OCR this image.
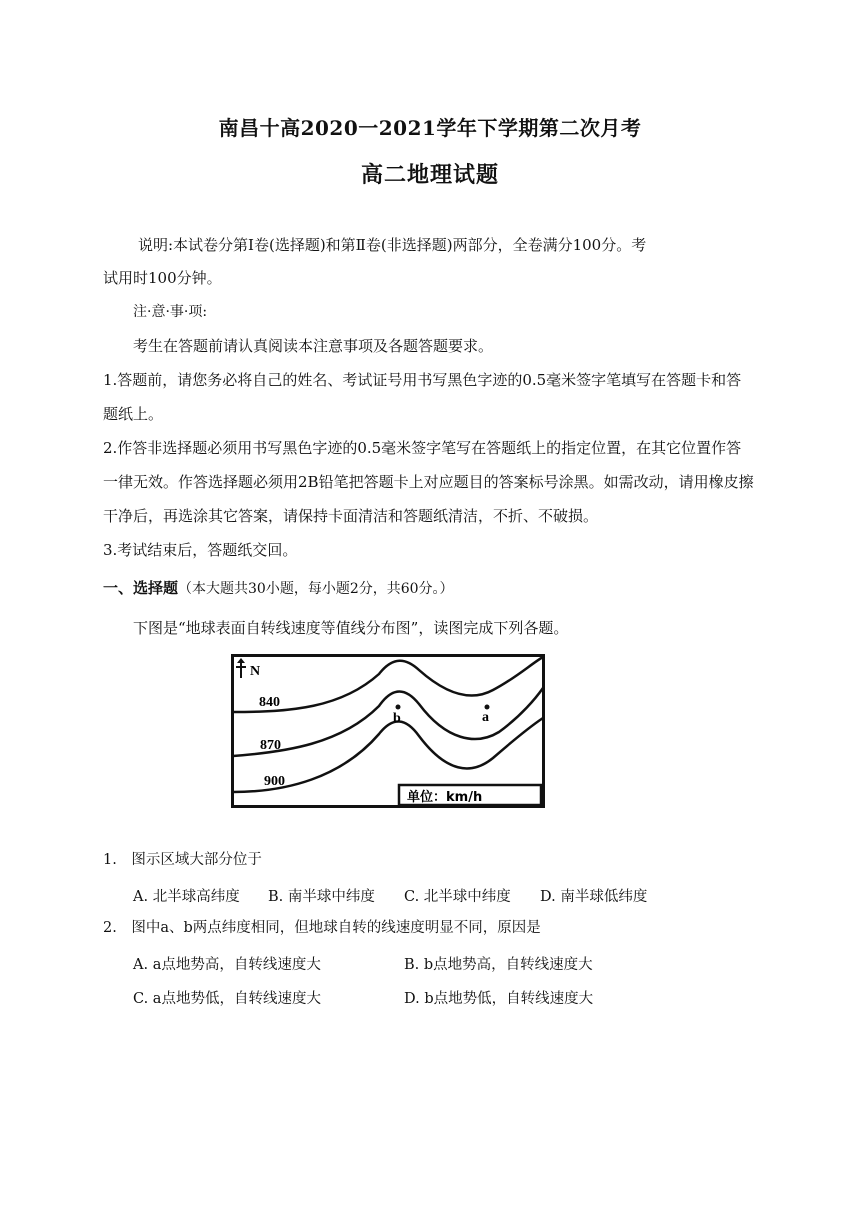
南昌十高2020一2021学年下学期第二次月考
高二地理试题
说明:本试卷分第Ⅰ卷(选择题)和第Ⅱ卷(非选择题)两部分，全卷满分100分。考
试用时100分钟。
注·意·事·项:
考生在答题前请认真阅读本注意事项及各题答题要求。
1.答题前，请您务必将自己的姓名、考试证号用书写黑色字迹的0.5毫米签字笔填写在答题卡和答
题纸上。
2.作答非选择题必须用书写黑色字迹的0.5毫米签字笔写在答题纸上的指定位置，在其它位置作答
一律无效。作答选择题必须用2B铅笔把答题卡上对应题目的答案标号涂黑。如需改动，请用橡皮擦
干净后，再选涂其它答案，请保持卡面清洁和答题纸清洁，不折、不破损。
3.考试结束后，答题纸交回。
一、选择题（本大题共30小题，每小题2分，共60分。）
下图是“地球表面自转线速度等值线分布图”，读图完成下列各题。
N
840
870
900
b	a
单位：km/h
1.　图示区域大部分位于
A. 北半球高纬度 B. 南半球中纬度 C. 北半球中纬度 D. 南半球低纬度
2.　图中a、b两点纬度相同，但地球自转的线速度明显不同，原因是
A. a点地势高，自转线速度大	B. b点地势高，自转线速度大
C. a点地势低，自转线速度大	D. b点地势低，自转线速度大
